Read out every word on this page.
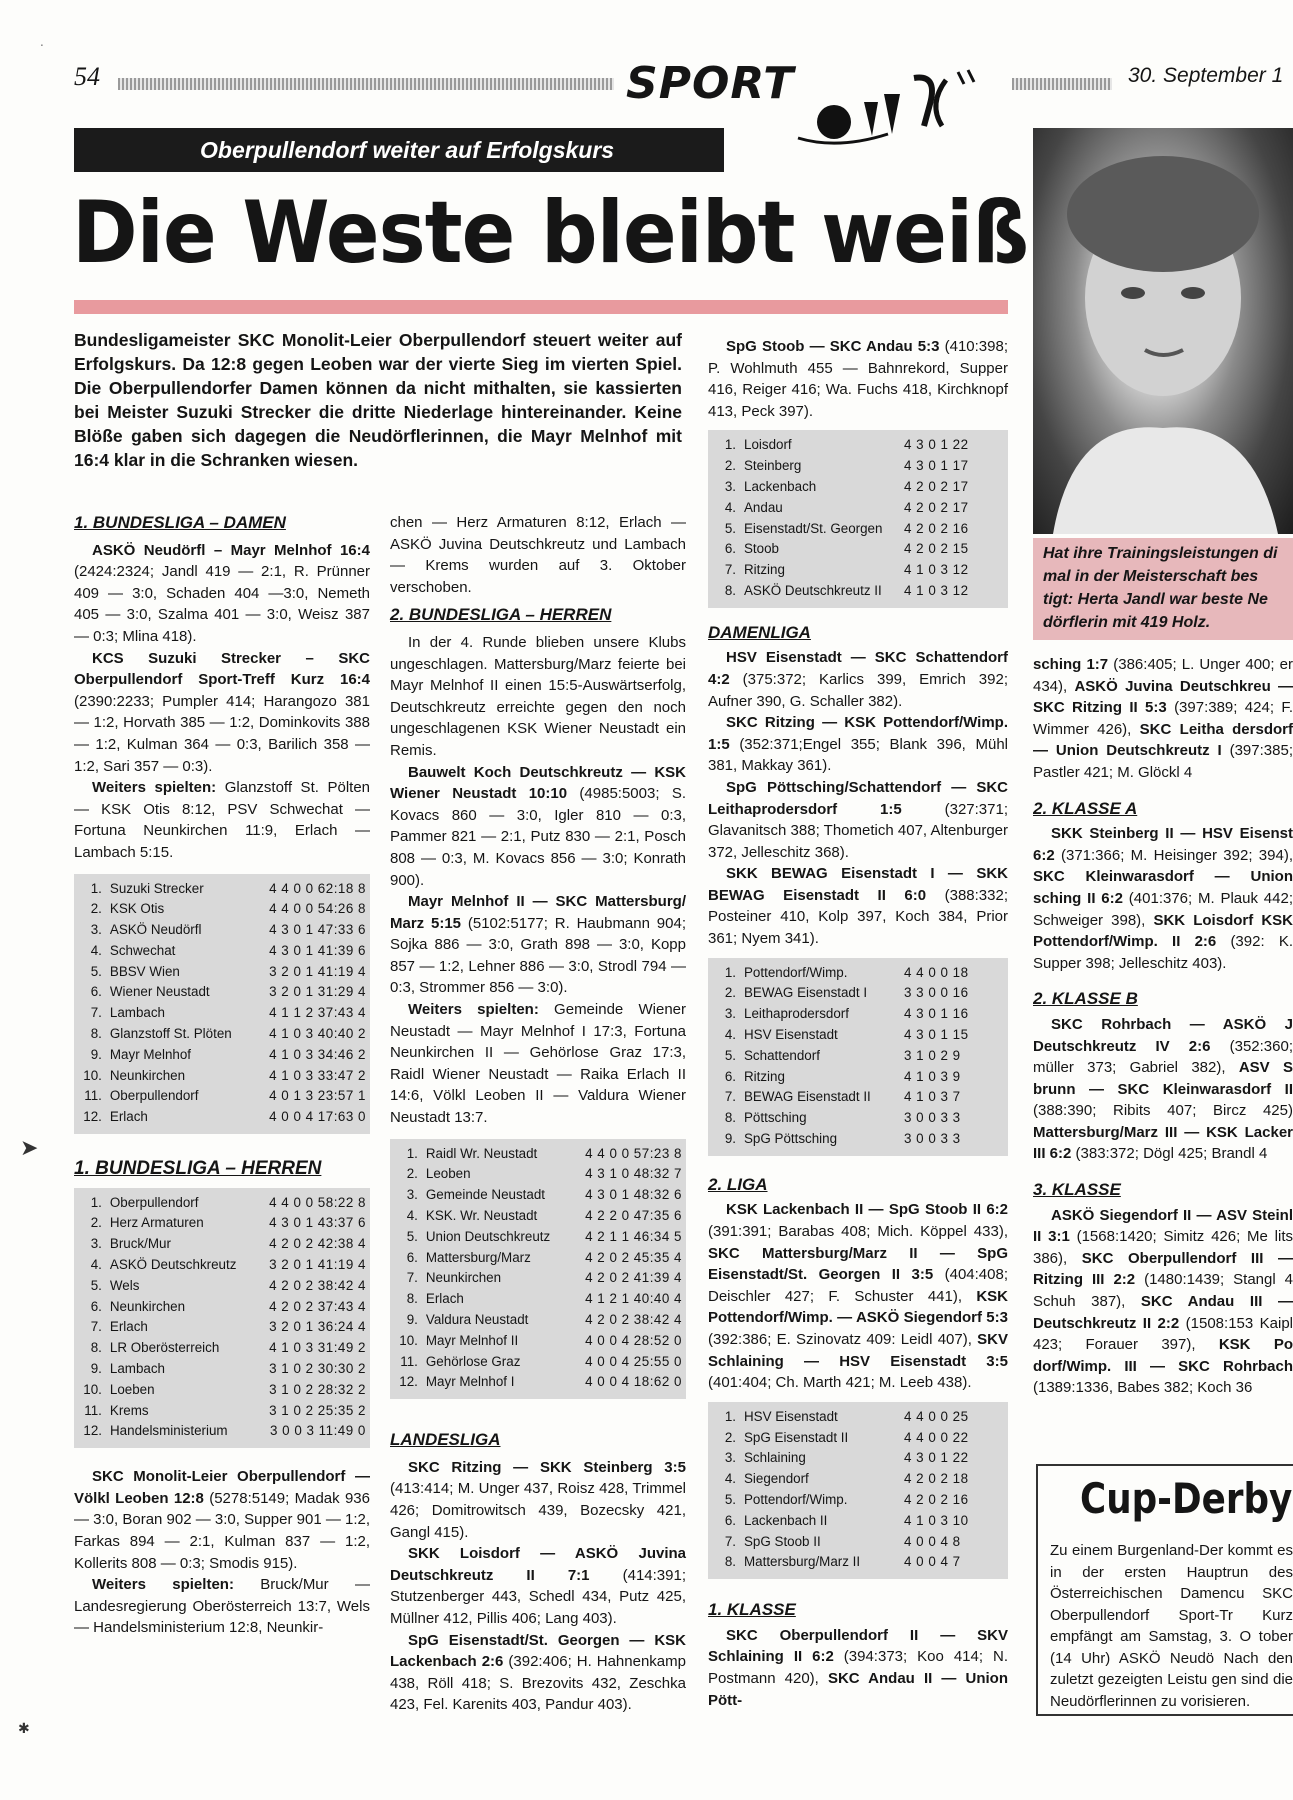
54	SPORT	30. September 1
Oberpullendorf weiter auf Erfolgskurs
Die Weste bleibt weiß
Bundesligameister SKC Monolit-Leier Oberpullendorf steuert weiter auf Erfolgskurs. Da 12:8 gegen Leoben war der vierte Sieg im vierten Spiel. Die Oberpullendorfer Damen können da nicht mithalten, sie kassierten bei Meister Suzuki Strecker die dritte Niederlage hintereinander. Keine Blöße gaben sich dagegen die Neudörflerinnen, die Mayr Melnhof mit 16:4 klar in die Schranken wiesen.

1. BUNDESLIGA – DAMEN

ASKÖ Neudörfl – Mayr Melnhof 16:4 (2424:2324; Jandl 419 — 2:1, R. Prünner 409 — 3:0, Schaden 404 —3:0, Nemeth 405 — 3:0, Szalma 401 — 3:0, Weisz 387 — 0:3; Mlina 418).

KCS Suzuki Strecker – SKC Oberpullendorf Sport-Treff Kurz 16:4 (2390:2233; Pumpler 414; Harangozo 381 — 1:2, Horvath 385 — 1:2, Dominkovits 388 — 1:2, Kulman 364 — 0:3, Barilich 358 — 1:2, Sari 357 — 0:3).

Weiters spielten: Glanzstoff St. Pölten — KSK Otis 8:12, PSV Schwechat — Fortuna Neunkirchen 11:9, Erlach — Lambach 5:15.

1. Suzuki Strecker	4 4 0 0 62:18 8
2. KSK Otis	4 4 0 0 54:26 8
3. ASKÖ Neudörfl	4 3 0 1 47:33 6
4. Schwechat	4 3 0 1 41:39 6
5. BBSV Wien	3 2 0 1 41:19 4
6. Wiener Neustadt	3 2 0 1 31:29 4
7. Lambach	4 1 1 2 37:43 4
8. Glanzstoff St. Plöten	4 1 0 3 40:40 2
9. Mayr Melnhof	4 1 0 3 34:46 2
10. Neunkirchen	4 1 0 3 33:47 2
11. Oberpullendorf	4 0 1 3 23:57 1
12. Erlach	4 0 0 4 17:63 0

1. BUNDESLIGA – HERREN

1. Oberpullendorf	4 4 0 0 58:22 8
2. Herz Armaturen	4 3 0 1 43:37 6
3. Bruck/Mur	4 2 0 2 42:38 4
4. ASKÖ Deutschkreutz	3 2 0 1 41:19 4
5. Wels	4 2 0 2 38:42 4
6. Neunkirchen	4 2 0 2 37:43 4
7. Erlach	3 2 0 1 36:24 4
8. LR Oberösterreich	4 1 0 3 31:49 2
9. Lambach	3 1 0 2 30:30 2
10. Loeben	3 1 0 2 28:32 2
11. Krems	3 1 0 2 25:35 2
12. Handelsministerium	3 0 0 3 11:49 0

SKC Monolit-Leier Oberpullendorf — Völkl Leoben 12:8 (5278:5149; Madak 936 — 3:0, Boran 902 — 3:0, Supper 901 — 1:2, Farkas 894 — 2:1, Kulman 837 — 1:2, Kollerits 808 — 0:3; Smodis 915).

Weiters spielten: Bruck/Mur — Landesregierung Oberösterreich 13:7, Wels — Handelsministerium 12:8, Neunkir-

chen — Herz Armaturen 8:12, Erlach — ASKÖ Juvina Deutschkreutz und Lambach — Krems wurden auf 3. Oktober verschoben.

2. BUNDESLIGA – HERREN

In der 4. Runde blieben unsere Klubs ungeschlagen. Mattersburg/Marz feierte bei Mayr Melnhof II einen 15:5-Auswärtserfolg, Deutschkreutz erreichte gegen den noch ungeschlagenen KSK Wiener Neustadt ein Remis.

Bauwelt Koch Deutschkreutz — KSK Wiener Neustadt 10:10 (4985:5003; S. Kovacs 860 — 3:0, Igler 810 — 0:3, Pammer 821 — 2:1, Putz 830 — 2:1, Posch 808 — 0:3, M. Kovacs 856 — 3:0; Konrath 900).

Mayr Melnhof II — SKC Mattersburg/ Marz 5:15 (5102:5177; R. Haubmann 904; Sojka 886 — 3:0, Grath 898 — 3:0, Kopp 857 — 1:2, Lehner 886 — 3:0, Strodl 794 — 0:3, Strommer 856 — 3:0).

Weiters spielten: Gemeinde Wiener Neustadt — Mayr Melnhof I 17:3, Fortuna Neunkirchen II — Gehörlose Graz 17:3, Raidl Wiener Neustadt — Raika Erlach II 14:6, Völkl Leoben II — Valdura Wiener Neustadt 13:7.

1. Raidl Wr. Neustadt	4 4 0 0 57:23 8
2. Leoben	4 3 1 0 48:32 7
3. Gemeinde Neustadt	4 3 0 1 48:32 6
4. KSK. Wr. Neustadt	4 2 2 0 47:35 6
5. Union Deutschkreutz	4 2 1 1 46:34 5
6. Mattersburg/Marz	4 2 0 2 45:35 4
7. Neunkirchen	4 2 0 2 41:39 4
8. Erlach	4 1 2 1 40:40 4
9. Valdura Neustadt	4 2 0 2 38:42 4
10. Mayr Melnhof II	4 0 0 4 28:52 0
11. Gehörlose Graz	4 0 0 4 25:55 0
12. Mayr Melnhof I	4 0 0 4 18:62 0

LANDESLIGA

SKC Ritzing — SKK Steinberg 3:5 (413:414; M. Unger 437, Roisz 428, Trimmel 426; Domitrowitsch 439, Bozecsky 421, Gangl 415).

SKK Loisdorf — ASKÖ Juvina Deutschkreutz II 7:1 (414:391; Stutzenberger 443, Schedl 434, Putz 425, Müllner 412, Pillis 406; Lang 403).

SpG Eisenstadt/St. Georgen — KSK Lackenbach 2:6 (392:406; H. Hahnenkamp 438, Röll 418; S. Brezovits 432, Zeschka 423, Fel. Karenits 403, Pandur 403).

SpG Stoob — SKC Andau 5:3 (410:398; P. Wohlmuth 455 — Bahnrekord, Supper 416, Reiger 416; Wa. Fuchs 418, Kirchknopf 413, Peck 397).

1. Loisdorf	4 3 0 1 22
2. Steinberg	4 3 0 1 17
3. Lackenbach	4 2 0 2 17
4. Andau	4 2 0 2 17
5. Eisenstadt/St. Georgen	4 2 0 2 16
6. Stoob	4 2 0 2 15
7. Ritzing	4 1 0 3 12
8. ASKÖ Deutschkreutz II	4 1 0 3 12

DAMENLIGA

HSV Eisenstadt — SKC Schattendorf 4:2 (375:372; Karlics 399, Emrich 392; Aufner 390, G. Schaller 382).

SKC Ritzing — KSK Pottendorf/Wimp. 1:5 (352:371;Engel 355; Blank 396, Mühl 381, Makkay 361).

SpG Pöttsching/Schattendorf — SKC Leithaprodersdorf 1:5 (327:371; Glavanitsch 388; Thometich 407, Altenburger 372, Jelleschitz 368).

SKK BEWAG Eisenstadt I — SKK BEWAG Eisenstadt II 6:0 (388:332; Posteiner 410, Kolp 397, Koch 384, Prior 361; Nyem 341).

1. Pottendorf/Wimp.	4 4 0 0 18
2. BEWAG Eisenstadt I	3 3 0 0 16
3. Leithaprodersdorf	4 3 0 1 16
4. HSV Eisenstadt	4 3 0 1 15
5. Schattendorf	3 1 0 2 9
6. Ritzing	4 1 0 3 9
7. BEWAG Eisenstadt II	4 1 0 3 7
8. Pöttsching	3 0 0 3 3
9. SpG Pöttsching	3 0 0 3 3

2. LIGA

KSK Lackenbach II — SpG Stoob II 6:2 (391:391; Barabas 408; Mich. Köppel 433), SKC Mattersburg/Marz II — SpG Eisenstadt/St. Georgen II 3:5 (404:408; Deischler 427; F. Schuster 441), KSK Pottendorf/Wimp. — ASKÖ Siegendorf 5:3 (392:386; E. Szinovatz 409: Leidl 407), SKV Schlaining — HSV Eisenstadt 3:5 (401:404; Ch. Marth 421; M. Leeb 438).

1. HSV Eisenstadt	4 4 0 0 25
2. SpG Eisenstadt II	4 4 0 0 22
3. Schlaining	4 3 0 1 22
4. Siegendorf	4 2 0 2 18
5. Pottendorf/Wimp.	4 2 0 2 16
6. Lackenbach II	4 1 0 3 10
7. SpG Stoob II	4 0 0 4 8
8. Mattersburg/Marz II	4 0 0 4 7

1. KLASSE

SKC Oberpullendorf II — SKV Schlaining II 6:2 (394:373; Koo 414; N. Postmann 420), SKC Andau II — Union Pött-

Hat ihre Trainingsleistungen di mal in der Meisterschaft bes tigt: Herta Jandl war beste Ne dörflerin mit 419 Holz.

sching 1:7 (386:405; L. Unger 400; er 434), ASKÖ Juvina Deutschkreu — SKC Ritzing II 5:3 (397:389; 424; F. Wimmer 426), SKC Leitha dersdorf — Union Deutschkreutz I (397:385; Pastler 421; M. Glöckl 4

2. KLASSE A

SKK Steinberg II — HSV Eisenst 6:2 (371:366; M. Heisinger 392; 394), SKC Kleinwarasdorf — Union sching II 6:2 (401:376; M. Plauk 442; Schweiger 398), SKK Loisdorf KSK Pottendorf/Wimp. II 2:6 (392: K. Supper 398; Jelleschitz 403).

2. KLASSE B

SKC Rohrbach — ASKÖ J Deutschkreutz IV 2:6 (352:360; müller 373; Gabriel 382), ASV S brunn — SKC Kleinwarasdorf II (388:390; Ribits 407; Bircz 425) Mattersburg/Marz III — KSK Lacker III 6:2 (383:372; Dögl 425; Brandl 4

3. KLASSE

ASKÖ Siegendorf II — ASV Steinl II 3:1 (1568:1420; Simitz 426; Me lits 386), SKC Oberpullendorf III — Ritzing III 2:2 (1480:1439; Stangl 4 Schuh 387), SKC Andau III — Deutschkreutz II 2:2 (1508:153 Kaipl 423; Forauer 397), KSK Po dorf/Wimp. III — SKC Rohrbach (1389:1336, Babes 382; Koch 36

Cup-Derby
Zu einem Burgenland-Der kommt es in der ersten Hauptrun des Österreichischen Damencu SKC Oberpullendorf Sport-Tr Kurz empfängt am Samstag, 3. O tober (14 Uhr) ASKÖ Neudö Nach den zuletzt gezeigten Leistu gen sind die Neudörflerinnen zu vorisieren.
➤
✱
∙
